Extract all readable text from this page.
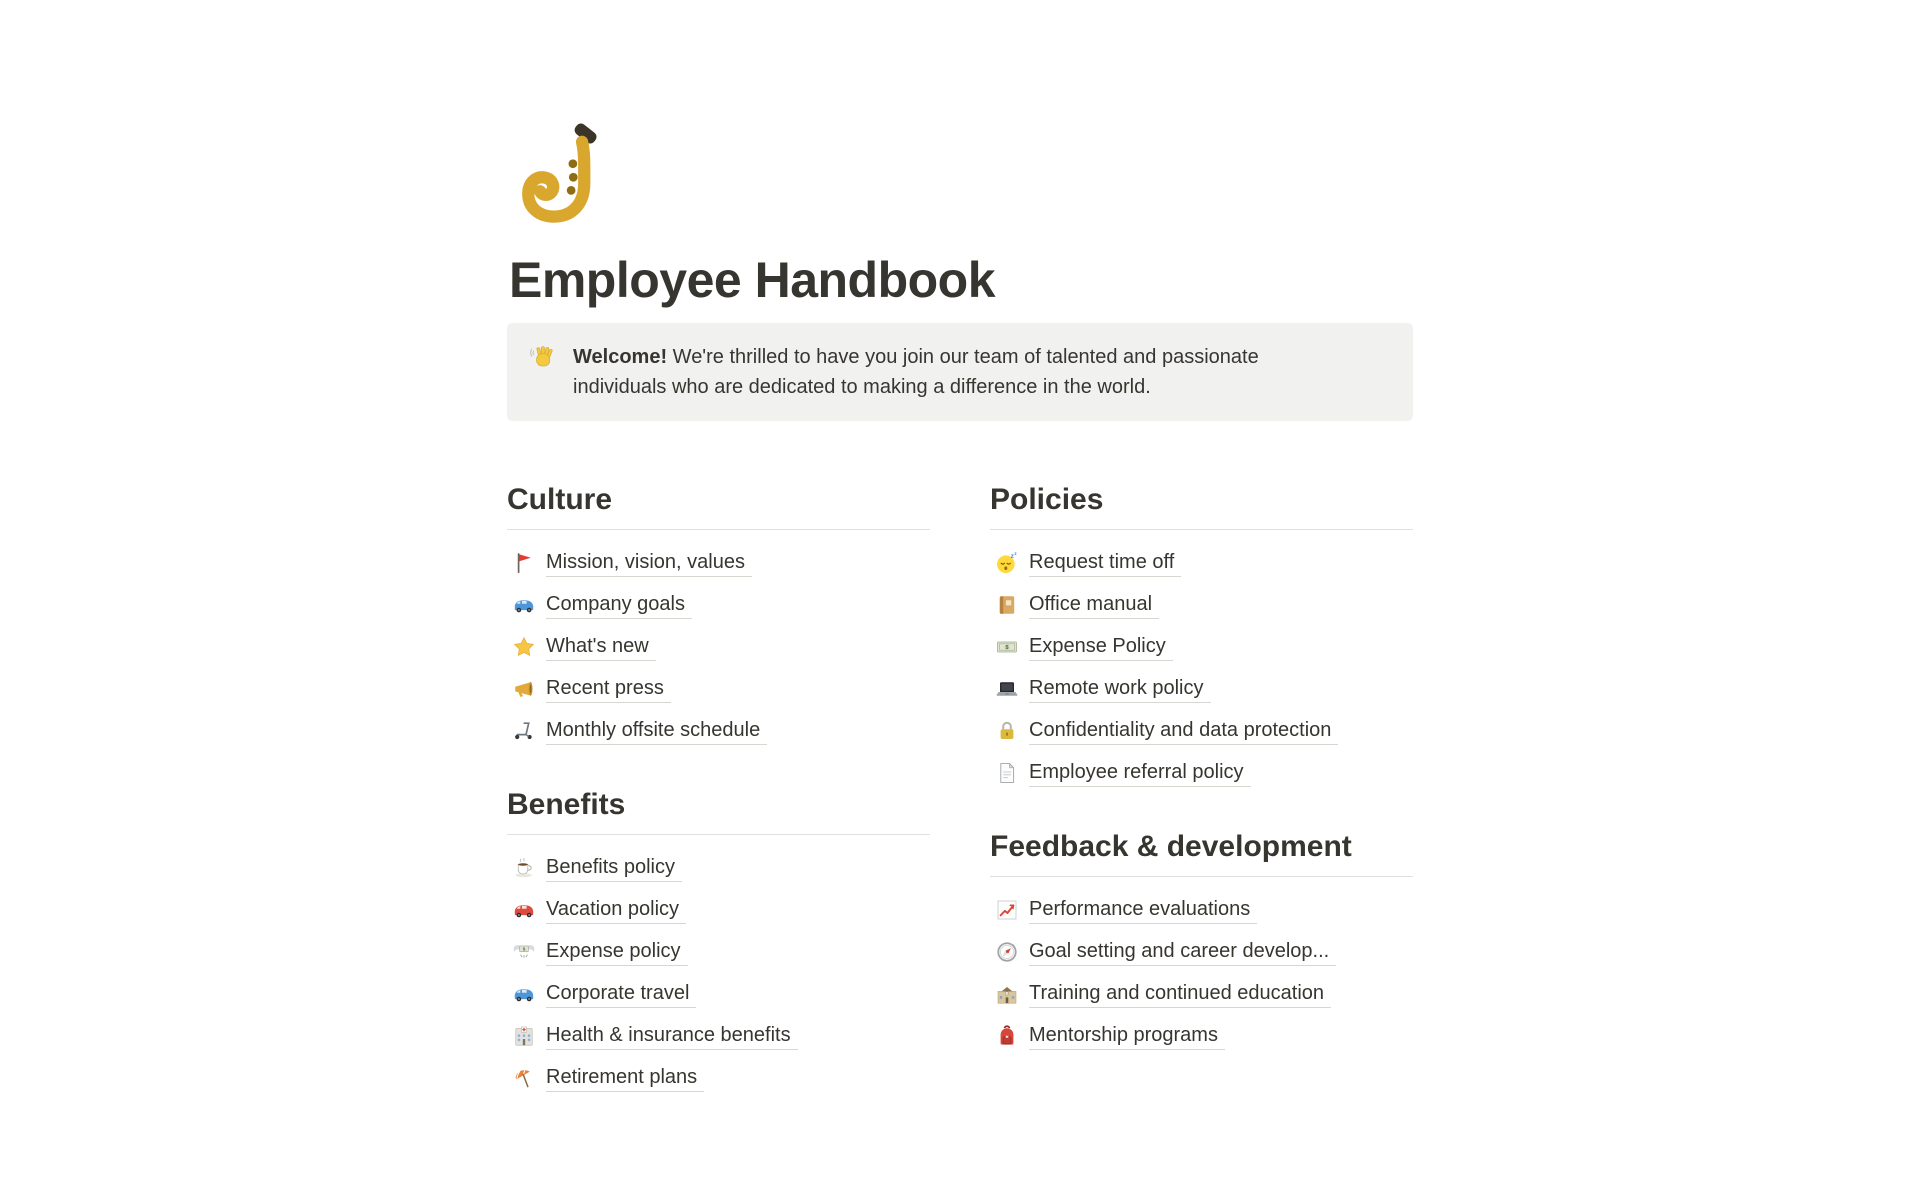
Employee Handbook
Welcome! We're thrilled to have you join our team of talented and passionate
individuals who are dedicated to making a difference in the world.
Culture
Mission, vision, values
Company goals
What's new
Recent press
Monthly offsite schedule
Benefits
Benefits policy
Vacation policy
$ Expense policy
Corporate travel
Health & insurance benefits
Retirement plans
Policies
z z Request time off
Office manual
$ Expense Policy
Remote work policy
Confidentiality and data protection
Employee referral policy
Feedback & development
Performance evaluations
Goal setting and career develop...
Training and continued education
Mentorship programs
